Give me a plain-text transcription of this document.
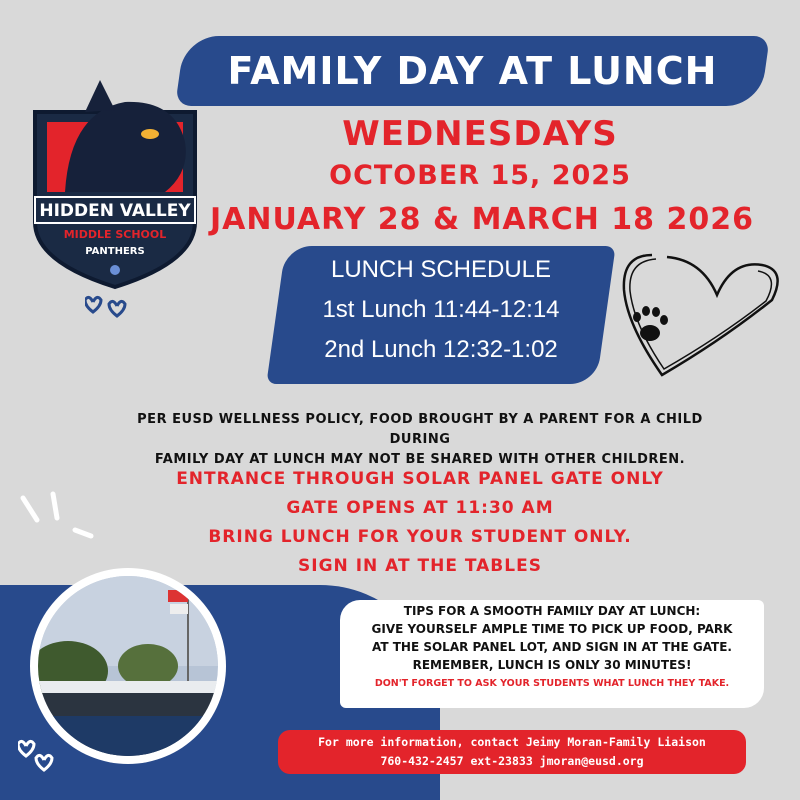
FAMILY DAY AT LUNCH
WEDNESDAYS
OCTOBER 15, 2025
JANUARY 28 & MARCH 18 2026
HIDDEN VALLEY
MIDDLE SCHOOL
PANTHERS
LUNCH SCHEDULE
1st Lunch 11:44-12:14
2nd Lunch 12:32-1:02
PER EUSD WELLNESS POLICY, FOOD BROUGHT BY A PARENT FOR A CHILD DURING
FAMILY DAY AT LUNCH MAY NOT BE SHARED WITH OTHER CHILDREN.
ENTRANCE THROUGH SOLAR PANEL GATE ONLY
GATE OPENS AT 11:30 AM
BRING LUNCH FOR YOUR STUDENT ONLY.
SIGN IN AT THE TABLES
TIPS FOR A SMOOTH FAMILY DAY AT LUNCH:
GIVE YOURSELF AMPLE TIME TO PICK UP FOOD, PARK
AT THE SOLAR PANEL LOT, AND SIGN IN AT THE GATE.
REMEMBER, LUNCH IS ONLY 30 MINUTES!
DON'T FORGET TO ASK YOUR STUDENTS WHAT LUNCH THEY TAKE.
For more information, contact Jeimy Moran-Family Liaison
760-432-2457 ext-23833 jmoran@eusd.org
